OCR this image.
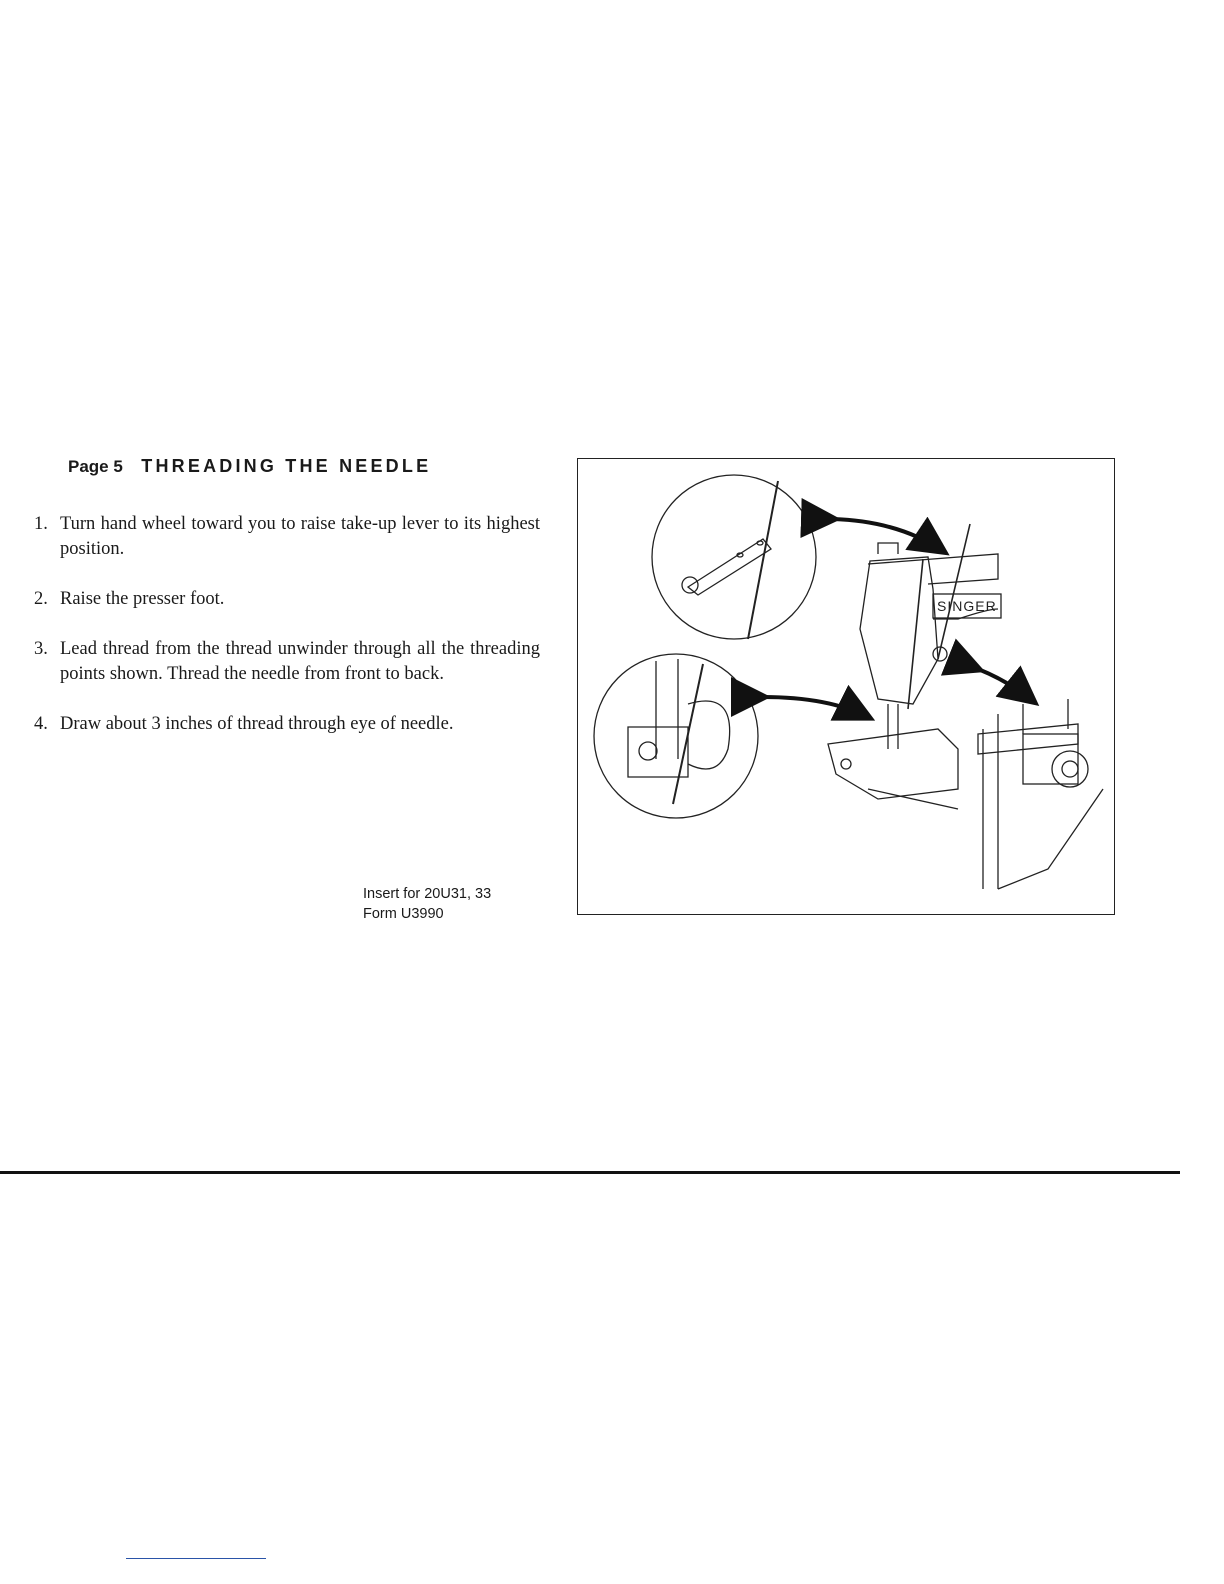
Page 5 THREADING THE NEEDLE
1. Turn hand wheel toward you to raise take-up lever to its highest position.
2. Raise the presser foot.
3. Lead thread from the thread unwinder through all the threading points shown. Thread the needle from front to back.
4. Draw about 3 inches of thread through eye of needle.
Insert for 20U31, 33
Form U3990
SINGER
